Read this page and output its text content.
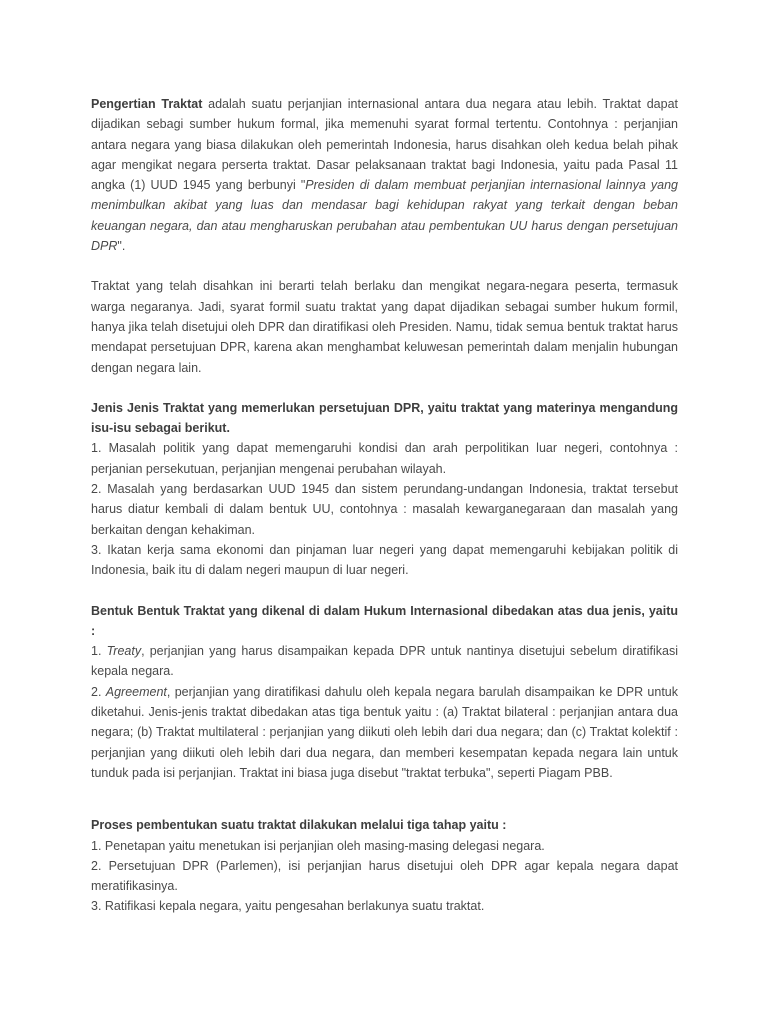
Pengertian Traktat adalah suatu perjanjian internasional antara dua negara atau lebih. Traktat dapat dijadikan sebagi sumber hukum formal, jika memenuhi syarat formal tertentu. Contohnya : perjanjian antara negara yang biasa dilakukan oleh pemerintah Indonesia, harus disahkan oleh kedua belah pihak agar mengikat negara perserta traktat. Dasar pelaksanaan traktat bagi Indonesia, yaitu pada Pasal 11 angka (1) UUD 1945 yang berbunyi "Presiden di dalam membuat perjanjian internasional lainnya yang menimbulkan akibat yang luas dan mendasar bagi kehidupan rakyat yang terkait dengan beban keuangan negara, dan atau mengharuskan perubahan atau pembentukan UU harus dengan persetujuan DPR".

Traktat yang telah disahkan ini berarti telah berlaku dan mengikat negara-negara peserta, termasuk warga negaranya. Jadi, syarat formil suatu traktat yang dapat dijadikan sebagai sumber hukum formil, hanya jika telah disetujui oleh DPR dan diratifikasi oleh Presiden. Namu, tidak semua bentuk traktat harus mendapat persetujuan DPR, karena akan menghambat keluwesan pemerintah dalam menjalin hubungan dengan negara lain.

Jenis Jenis Traktat yang memerlukan persetujuan DPR, yaitu traktat yang materinya mengandung isu-isu sebagai berikut.

1. Masalah politik yang dapat memengaruhi kondisi dan arah perpolitikan luar negeri, contohnya : perjanian persekutuan, perjanjian mengenai perubahan wilayah.

2. Masalah yang berdasarkan UUD 1945 dan sistem perundang-undangan Indonesia, traktat tersebut harus diatur kembali di dalam bentuk UU, contohnya : masalah kewarganegaraan dan masalah yang berkaitan dengan kehakiman.

3. Ikatan kerja sama ekonomi dan pinjaman luar negeri yang dapat memengaruhi kebijakan politik di Indonesia, baik itu di dalam negeri maupun di luar negeri.

Bentuk Bentuk Traktat yang dikenal di dalam Hukum Internasional dibedakan atas dua jenis, yaitu :

1. Treaty, perjanjian yang harus disampaikan kepada DPR untuk nantinya disetujui sebelum diratifikasi kepala negara.

2. Agreement, perjanjian yang diratifikasi dahulu oleh kepala negara barulah disampaikan ke DPR untuk diketahui. Jenis-jenis traktat dibedakan atas tiga bentuk yaitu : (a) Traktat bilateral : perjanjian antara dua negara; (b) Traktat multilateral : perjanjian yang diikuti oleh lebih dari dua negara; dan (c) Traktat kolektif : perjanjian yang diikuti oleh lebih dari dua negara, dan memberi kesempatan kepada negara lain untuk tunduk pada isi perjanjian. Traktat ini biasa juga disebut "traktat terbuka", seperti Piagam PBB.

Proses pembentukan suatu traktat dilakukan melalui tiga tahap yaitu :

1. Penetapan yaitu menetukan isi perjanjian oleh masing-masing delegasi negara.

2. Persetujuan DPR (Parlemen), isi perjanjian harus disetujui oleh DPR agar kepala negara dapat meratifikasinya.

3. Ratifikasi kepala negara, yaitu pengesahan berlakunya suatu traktat.
